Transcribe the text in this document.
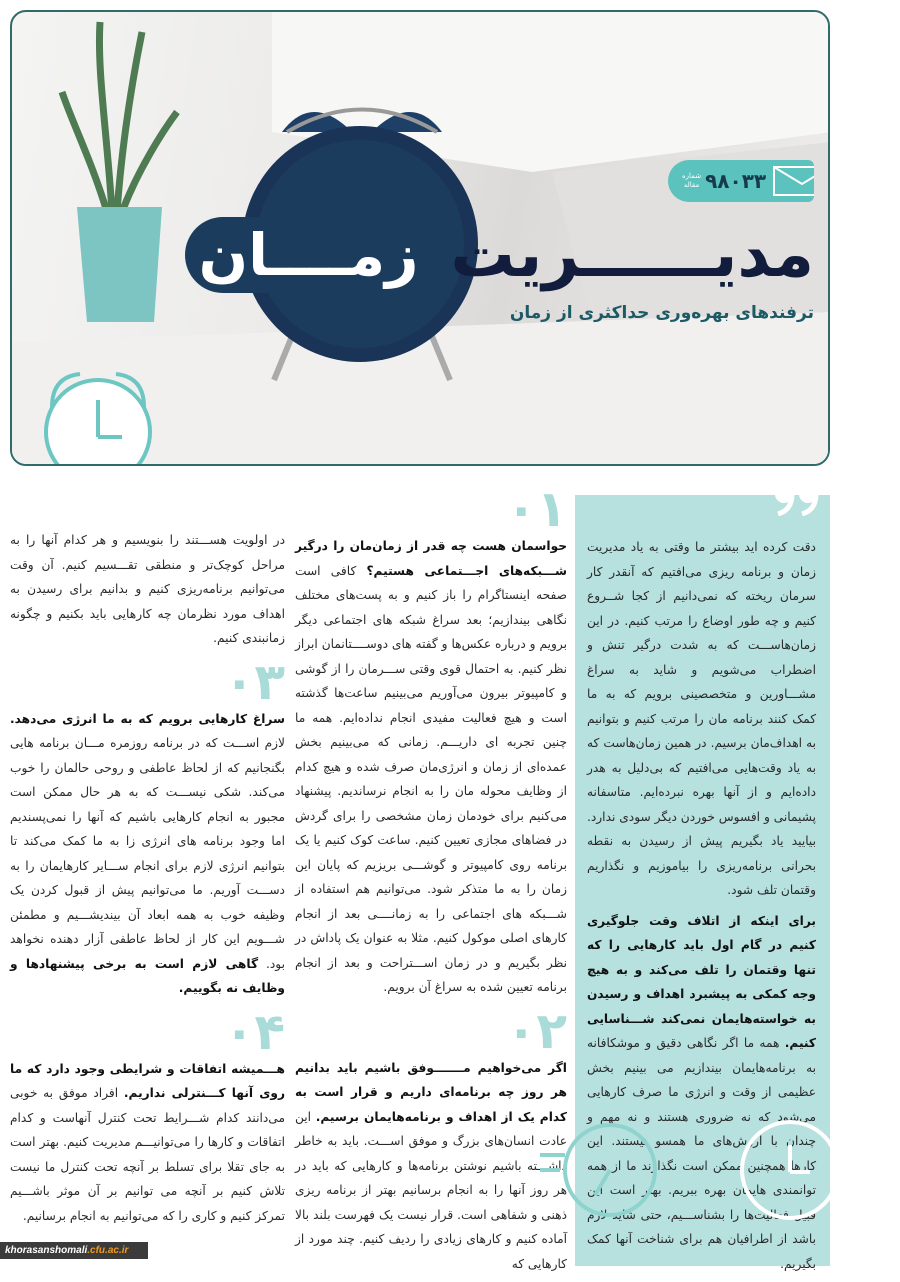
شماره
مقاله ۹۸۰۳۳
مدیــــــریت
زمــــان
ترفندهای بهره‌وری حداکثری از زمان

دقت کرده اید بیشتر ما وقتی به یاد مدیریت زمان و برنامه ریزی می‌افتیم که آنقدر کار سرمان ریخته که نمی‌دانیم از کجا شــروع کنیم و چه طور اوضاع را مرتب کنیم. در این زمان‌هاســـت که به شدت درگیر تنش و اضطراب می‌شویم و شاید به سراغ مشـــاورین و متخصصینی برویم که به ما کمک کنند برنامه مان را مرتب کنیم و بتوانیم به اهداف‌مان برسیم. در همین زمان‌هاست که به یاد وقت‌هایی می‌افتیم که بی‌دلیل به هدر داده‌ایم و از آنها بهره نبرده‌ایم. متاسفانه پشیمانی و افسوس خوردن دیگر سودی ندارد. بیایید یاد بگیریم پیش از رسیدن به نقطه بحرانی برنامه‌ریزی را بیاموزیم و نگذاریم وقتمان تلف شود.

برای اینکه از اتلاف وقت جلوگیری کنیم در گام اول باید کارهایی را که تنها وقتمان را تلف می‌کند و به هیچ وجه کمکی به پیشبرد اهداف و رسیدن به خواسته‌هایمان نمی‌کند شـــناسایی کنیم. همه ما اگر نگاهی دقیق و موشکافانه به برنامه‌هایمان بیندازیم می بینیم بخش عظیمی از وقت و انرژی ما صرف کارهایی می‌شود که نه ضروری هستند و نه مهم و چندان با ارزش‌های ما همسو نیستند. این کارها همچنین ممکن است نگذارند ما از همه توانمندی هایمان بهره ببریم. بهتر است این قبیل فعالیت‌ها را بشناســـیم، حتی شاید لازم باشد از اطرافیان هم برای شناخت آنها کمک بگیریم.

۰۱

حواسمان هست چه قدر از زمان‌مان را درگیر شـــبکه‌های اجـــتماعی هستیم؟ کافی است صفحه اینستاگرام را باز کنیم و به پست‌های مختلف نگاهی بیندازیم؛ بعد سراغ شبکه های اجتماعی دیگر برویم و درباره عکس‌ها و گفته های دوســــتانمان ابراز نظر کنیم. به احتمال قوی وقتی ســـرمان را از گوشی و کامپیوتر بیرون می‌آوریم می‌بینیم ساعت‌ها گذشته است و هیچ فعالیت مفیدی انجام نداده‌ایم. همه ما چنین تجربه ای داریـــم. زمانی که می‌بینیم بخش عمده‌ای از زمان و انرژی‌مان صرف شده و هیچ کدام از وظایف محوله مان را به انجام نرساندیم. پیشنهاد می‌کنیم برای خودمان زمان مشخصی را برای گردش در فضاهای مجازی تعیین کنیم. ساعت کوک کنیم یا یک برنامه روی کامپیوتر و گوشـــی بریزیم که پایان این زمان را به ما متذکر شود. می‌توانیم هم استفاده از شـــبکه های اجتماعی را به زمانــــی بعد از انجام کارهای اصلی موکول کنیم. مثلا به عنوان یک پاداش در نظر بگیریم و در زمان اســـتراحت و بعد از انجام برنامه تعیین شده به سراغ آن برویم.

۰۲

اگر می‌خواهیم مـــــــوفق باشیم باید بدانیم هر روز چه برنامه‌ای داریم و قرار است به کدام یک از اهداف و برنامه‌هایمان برسیم. این عادت انسان‌های بزرگ و موفق اســـت. باید به خاطر داشـــته باشیم نوشتن برنامه‌ها و کارهایی که باید در هر روز آنها را به انجام برسانیم بهتر از برنامه ریزی ذهنی و شفاهی است. قرار نیست یک فهرست بلند بالا آماده کنیم و کارهای زیادی را ردیف کنیم. چند مورد از کارهایی که

در اولویت هســـتند را بنویسیم و هر کدام آنها را به مراحل کوچک‌تر و منطقی تقـــسیم کنیم. آن وقت می‌توانیم برنامه‌ریزی کنیم و بدانیم برای رسیدن به اهداف مورد نظرمان چه کارهایی باید بکنیم و چگونه زمانبندی کنیم.

۰۳

سراغ کارهایی برویم که به ما انرژی می‌دهد. لازم اســـت که در برنامه روزمره مـــان برنامه هایی بگنجانیم که از لحاظ عاطفی و روحی حالمان را خوب می‌کند. شکی نیســـت که به هر حال ممکن است مجبور به انجام کارهایی باشیم که آنها را نمی‌پسندیم اما وجود برنامه های انرژی زا به ما کمک می‌کند تا بتوانیم انرژی لازم برای انجام ســـایر کارهایمان را به دســـت آوریم. ما می‌توانیم پیش از قبول کردن یک وظیفه خوب به همه ابعاد آن بیندیشـــیم و مطمئن شـــویم این کار از لحاظ عاطفی آزار دهنده نخواهد بود. گاهی لازم است به برخی پیشنهادها و وظایف نه بگوییم.

۰۴

هـــمیشه اتفاقات و شرایطی وجود دارد که ما روی آنها کـــنترلی نداریم. افراد موفق به خوبی می‌دانند کدام شـــرایط تحت کنترل آنهاست و کدام اتفاقات و کارها را می‌توانیـــم مدیریت کنیم. بهتر است به جای تقلا برای تسلط بر آنچه تحت کنترل ما نیست تلاش کنیم بر آنچه می توانیم بر آن موثر باشـــیم تمرکز کنیم و کاری را که می‌توانیم به انجام برسانیم.

khorasanshomali.cfu.ac.ir
